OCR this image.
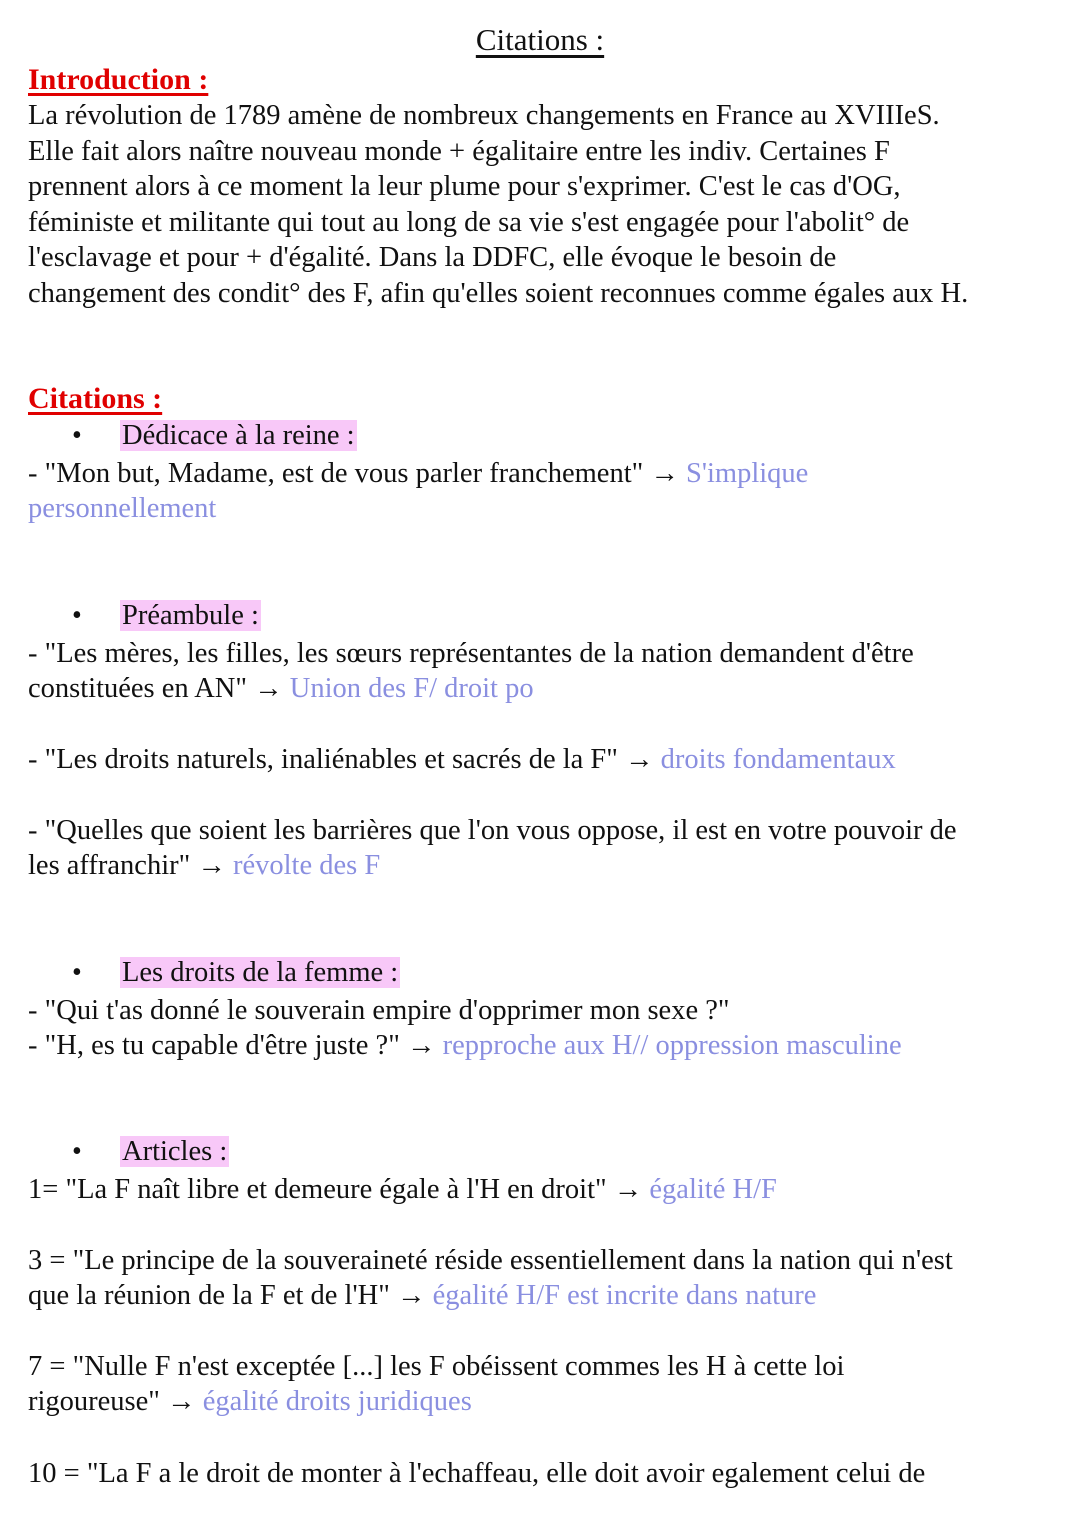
Citations :
Introduction :
La révolution de 1789 amène de nombreux changements en France au XVIIIeS.
Elle fait alors naître nouveau monde + égalitaire entre les indiv. Certaines F
prennent alors à ce moment la leur plume pour s'exprimer. C'est le cas d'OG,
féministe et militante qui tout au long de sa vie s'est engagée pour l'abolit° de
l'esclavage et pour + d'égalité. Dans la DDFC, elle évoque le besoin de
changement des condit° des F, afin qu'elles soient reconnues comme égales aux H.
Citations :
• Dédicace à la reine :
- "Mon but, Madame, est de vous parler franchement" → S'implique
personnellement
• Préambule :
- "Les mères, les filles, les sœurs représentantes de la nation demandent d'être
constituées en AN" → Union des F/ droit po
- "Les droits naturels, inaliénables et sacrés de la F" → droits fondamentaux
- "Quelles que soient les barrières que l'on vous oppose, il est en votre pouvoir de
les affranchir" → révolte des F
• Les droits de la femme :
- "Qui t'as donné le souverain empire d'opprimer mon sexe ?"
- "H, es tu capable d'être juste ?" → repproche aux H// oppression masculine
• Articles :
1= "La F naît libre et demeure égale à l'H en droit" → égalité H/F
3 = "Le principe de la souveraineté réside essentiellement dans la nation qui n'est
que la réunion de la F et de l'H" → égalité H/F est incrite dans nature
7 = "Nulle F n'est exceptée [...] les F obéissent commes les H à cette loi
rigoureuse" → égalité droits juridiques
10 = "La F a le droit de monter à l'echaffeau, elle doit avoir egalement celui de
